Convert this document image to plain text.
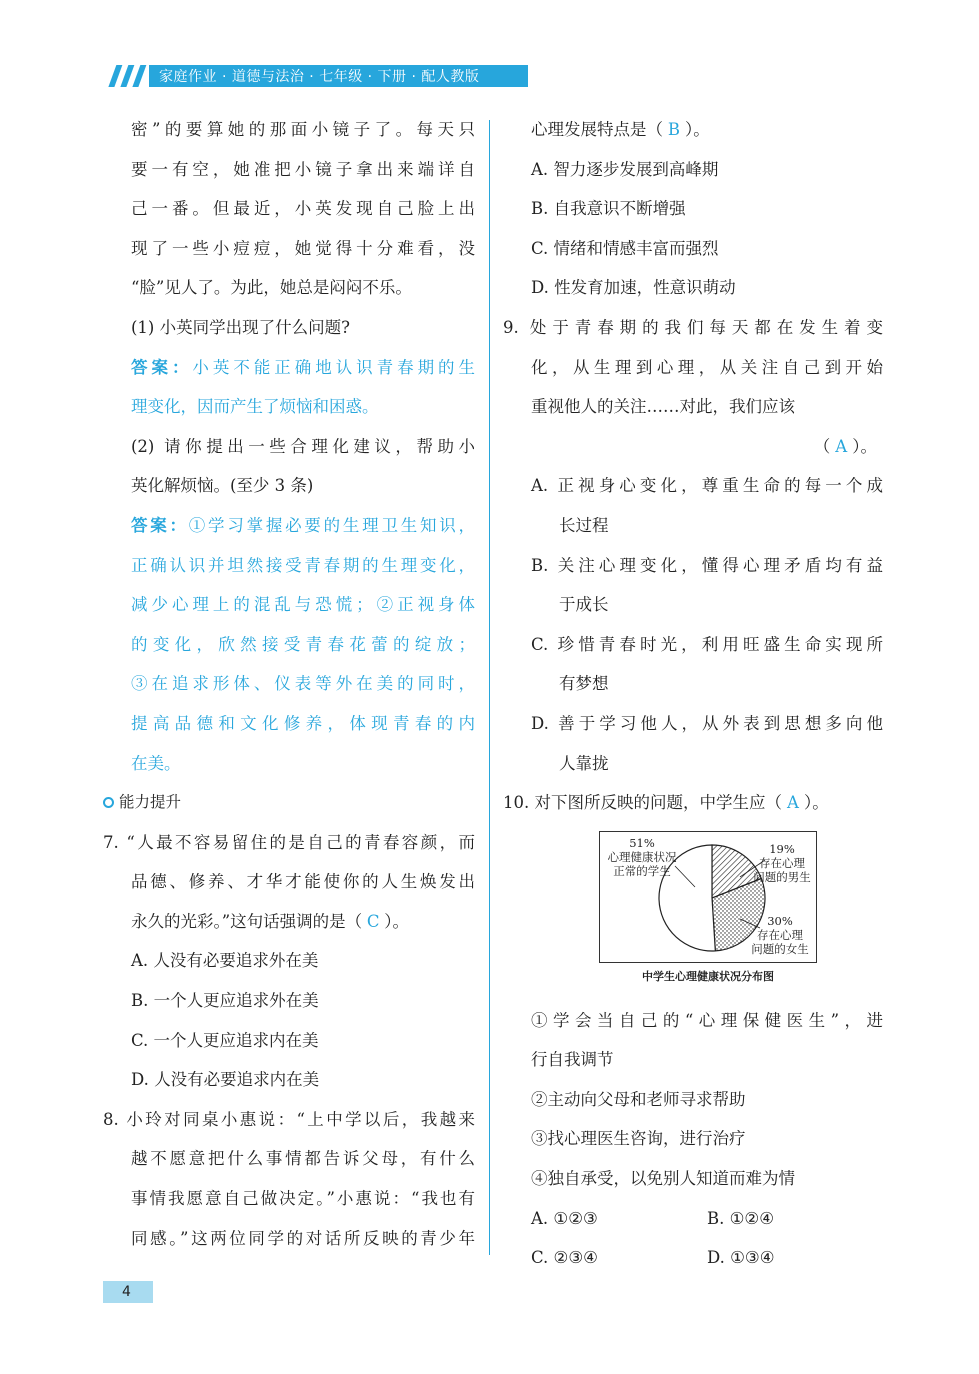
家庭作业 · 道德与法治 · 七年级 · 下册 · 配人教版
密”的要算她的那面小镜子了。每天只
要一有空，她准把小镜子拿出来端详自
己一番。但最近，小英发现自己脸上出
现了一些小痘痘，她觉得十分难看，没
“脸”见人了。为此，她总是闷闷不乐。
(1) 小英同学出现了什么问题?
答案：小英不能正确地认识青春期的生
理变化，因而产生了烦恼和困惑。
(2) 请你提出一些合理化建议，帮助小
英化解烦恼。(至少 3 条)
答案：①学习掌握必要的生理卫生知识，
正确认识并坦然接受青春期的生理变化，
减少心理上的混乱与恐慌；②正视身体
的变化，欣然接受青春花蕾的绽放；
③在追求形体、仪表等外在美的同时，
提高品德和文化修养，体现青春的内
在美。
能力提升
7. “人最不容易留住的是自己的青春容颜，而
品德、修养、才华才能使你的人生焕发出
永久的光彩。”这句话强调的是（ C ）。
A. 人没有必要追求外在美
B. 一个人更应追求外在美
C. 一个人更应追求内在美
D. 人没有必要追求内在美
8. 小玲对同桌小惠说：“上中学以后，我越来
越不愿意把什么事情都告诉父母，有什么
事情我愿意自己做决定。”小惠说：“我也有
同感。”这两位同学的对话所反映的青少年
心理发展特点是（ B ）。
A. 智力逐步发展到高峰期
B. 自我意识不断增强
C. 情绪和情感丰富而强烈
D. 性发育加速，性意识萌动
9. 处于青春期的我们每天都在发生着变
化，从生理到心理，从关注自己到开始
重视他人的关注……对此，我们应该
（ A ）。
A. 正视身心变化，尊重生命的每一个成
长过程
B. 关注心理变化，懂得心理矛盾均有益
于成长
C. 珍惜青春时光，利用旺盛生命实现所
有梦想
D. 善于学习他人，从外表到思想多向他
人靠拢
10. 对下图所反映的问题，中学生应（ A ）。
51%
心理健康状况
正常的学生
19%
存在心理
问题的男生
30%
存在心理
问题的女生
中学生心理健康状况分布图
①学会当自己的“心理保健医生”，进
行自我调节
②主动向父母和老师寻求帮助
③找心理医生咨询，进行治疗
④独自承受，以免别人知道而难为情
A. ①②③	B. ①②④
C. ②③④	D. ①③④
4
